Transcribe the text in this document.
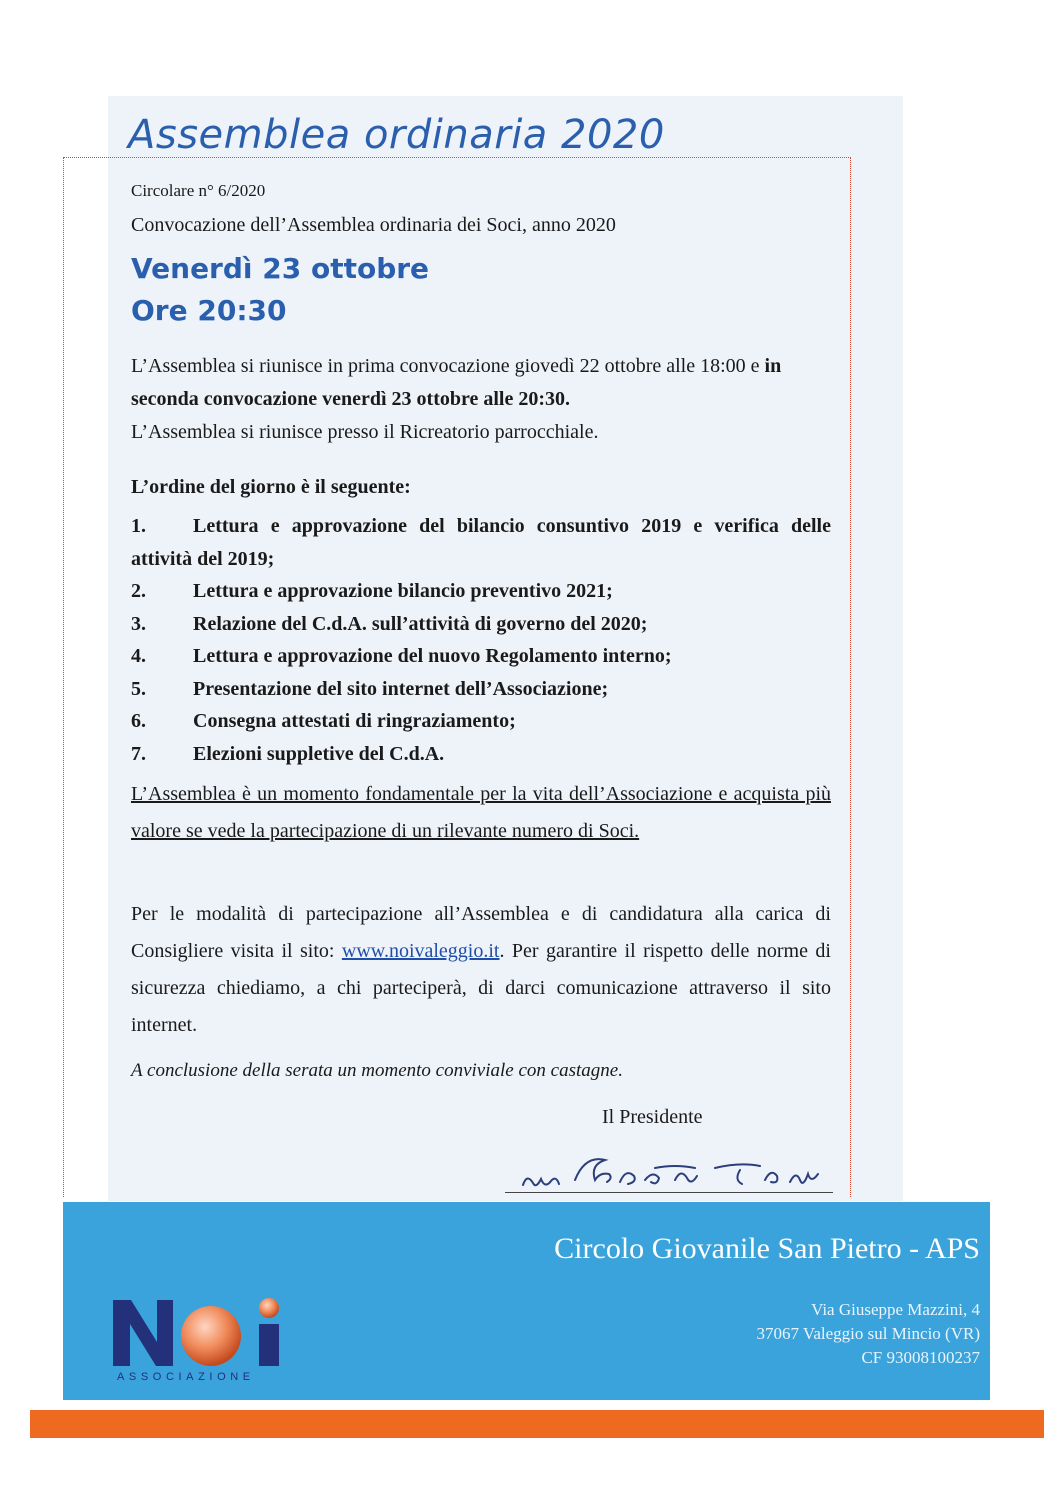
Assemblea ordinaria 2020
Circolare n° 6/2020
Convocazione dell’Assemblea ordinaria dei Soci, anno 2020
Venerdì 23 ottobre
Ore 20:30
L’Assemblea si riunisce in prima convocazione giovedì 22 ottobre alle 18:00 e in seconda convocazione venerdì 23 ottobre alle 20:30.
L’Assemblea si riunisce presso il Ricreatorio parrocchiale.
L’ordine del giorno è il seguente:
1. Lettura e approvazione del bilancio consuntivo 2019 e verifica delle attività del 2019;
2. Lettura e approvazione bilancio preventivo 2021;
3. Relazione del C.d.A. sull’attività di governo del 2020;
4. Lettura e approvazione del nuovo Regolamento interno;
5. Presentazione del sito internet dell’Associazione;
6. Consegna attestati di ringraziamento;
7. Elezioni suppletive del C.d.A.
L’Assemblea è un momento fondamentale per la vita dell’Associazione e acquista più valore se vede la partecipazione di un rilevante numero di Soci.
Per le modalità di partecipazione all’Assemblea e di candidatura alla carica di Consigliere visita il sito: www.noivaleggio.it. Per garantire il rispetto delle norme di sicurezza chiediamo, a chi parteciperà, di darci comunicazione attraverso il sito internet.
A conclusione della serata un momento conviviale con castagne.
Il Presidente
Circolo Giovanile San Pietro - APS
Via Giuseppe Mazzini, 4
37067 Valeggio sul Mincio (VR)
CF 93008100237
ASSOCIAZIONE
